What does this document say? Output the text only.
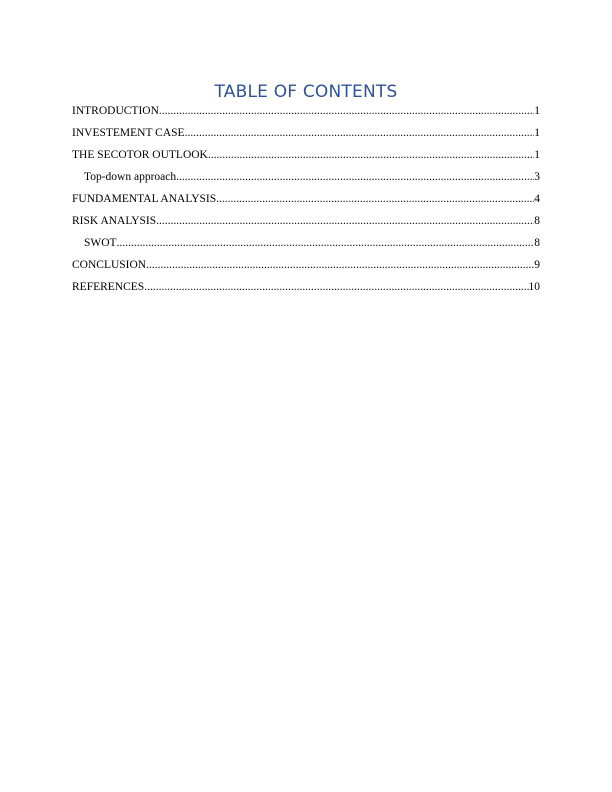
TABLE OF CONTENTS
INTRODUCTION .....	1
INVESTEMENT CASE .....	1
THE SECOTOR OUTLOOK .....	1
Top-down approach .....	3
FUNDAMENTAL ANALYSIS .....	4
RISK ANALYSIS .....	8
SWOT .....	8
CONCLUSION .....	9
REFERENCES .....	10
